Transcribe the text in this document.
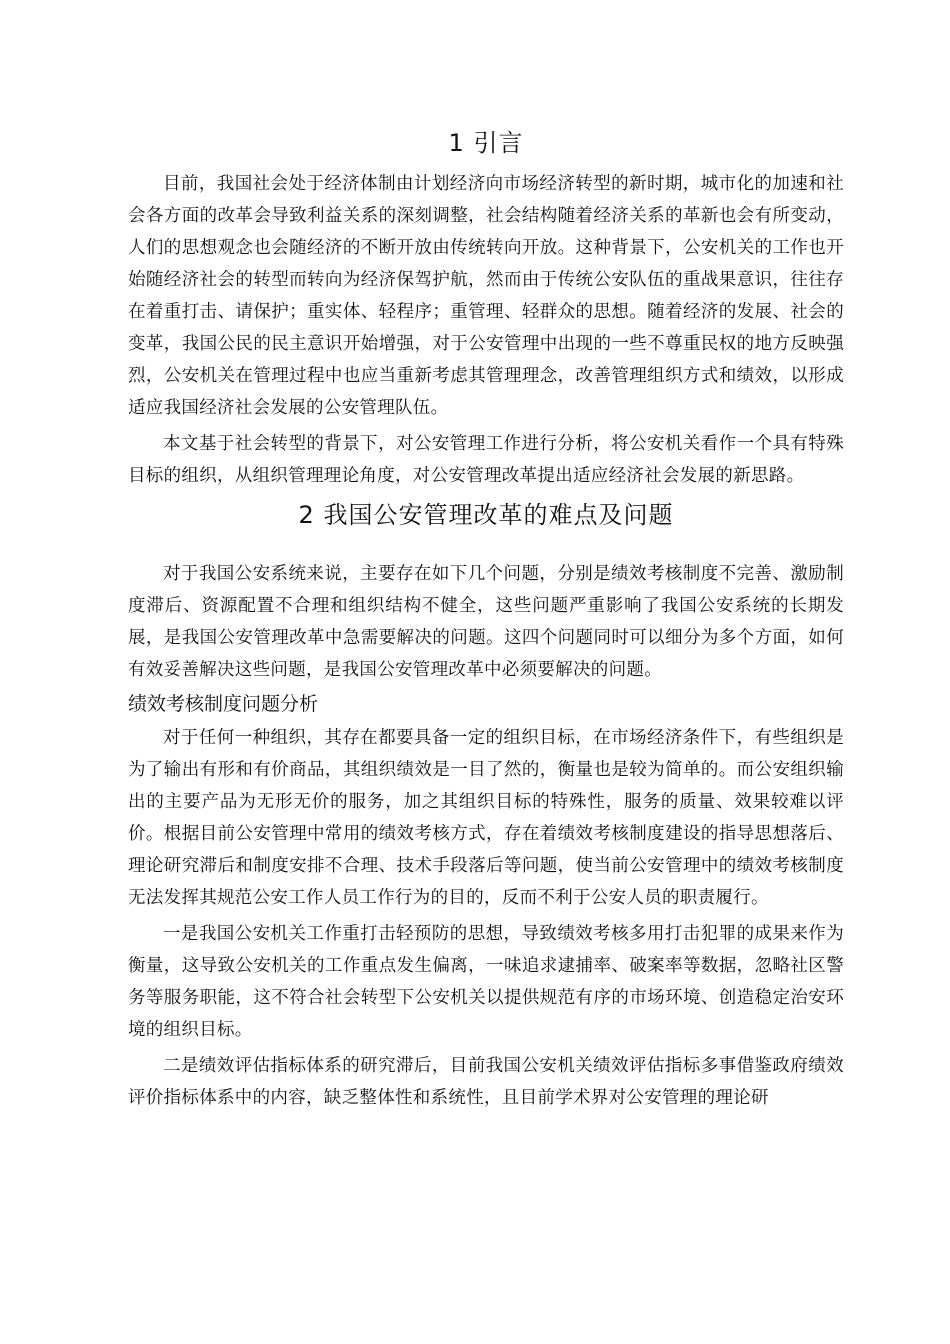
1 引言

目前，我国社会处于经济体制由计划经济向市场经济转型的新时期，城市化的加速和社会各方面的改革会导致利益关系的深刻调整，社会结构随着经济关系的革新也会有所变动，人们的思想观念也会随经济的不断开放由传统转向开放。这种背景下，公安机关的工作也开始随经济社会的转型而转向为经济保驾护航，然而由于传统公安队伍的重战果意识，往往存在着重打击、请保护；重实体、轻程序；重管理、轻群众的思想。随着经济的发展、社会的变革，我国公民的民主意识开始增强，对于公安管理中出现的一些不尊重民权的地方反映强烈，公安机关在管理过程中也应当重新考虑其管理理念，改善管理组织方式和绩效，以形成适应我国经济社会发展的公安管理队伍。

本文基于社会转型的背景下，对公安管理工作进行分析，将公安机关看作一个具有特殊目标的组织，从组织管理理论角度，对公安管理改革提出适应经济社会发展的新思路。

2 我国公安管理改革的难点及问题

对于我国公安系统来说，主要存在如下几个问题，分别是绩效考核制度不完善、激励制度滞后、资源配置不合理和组织结构不健全，这些问题严重影响了我国公安系统的长期发展，是我国公安管理改革中急需要解决的问题。这四个问题同时可以细分为多个方面，如何有效妥善解决这些问题，是我国公安管理改革中必须要解决的问题。

绩效考核制度问题分析

对于任何一种组织，其存在都要具备一定的组织目标，在市场经济条件下，有些组织是为了输出有形和有价商品，其组织绩效是一目了然的，衡量也是较为简单的。而公安组织输出的主要产品为无形无价的服务，加之其组织目标的特殊性，服务的质量、效果较难以评价。根据目前公安管理中常用的绩效考核方式，存在着绩效考核制度建设的指导思想落后、理论研究滞后和制度安排不合理、技术手段落后等问题，使当前公安管理中的绩效考核制度无法发挥其规范公安工作人员工作行为的目的，反而不利于公安人员的职责履行。

一是我国公安机关工作重打击轻预防的思想，导致绩效考核多用打击犯罪的成果来作为衡量，这导致公安机关的工作重点发生偏离，一味追求逮捕率、破案率等数据，忽略社区警务等服务职能，这不符合社会转型下公安机关以提供规范有序的市场环境、创造稳定治安环境的组织目标。

二是绩效评估指标体系的研究滞后，目前我国公安机关绩效评估指标多事借鉴政府绩效评价指标体系中的内容，缺乏整体性和系统性，且目前学术界对公安管理的理论研
